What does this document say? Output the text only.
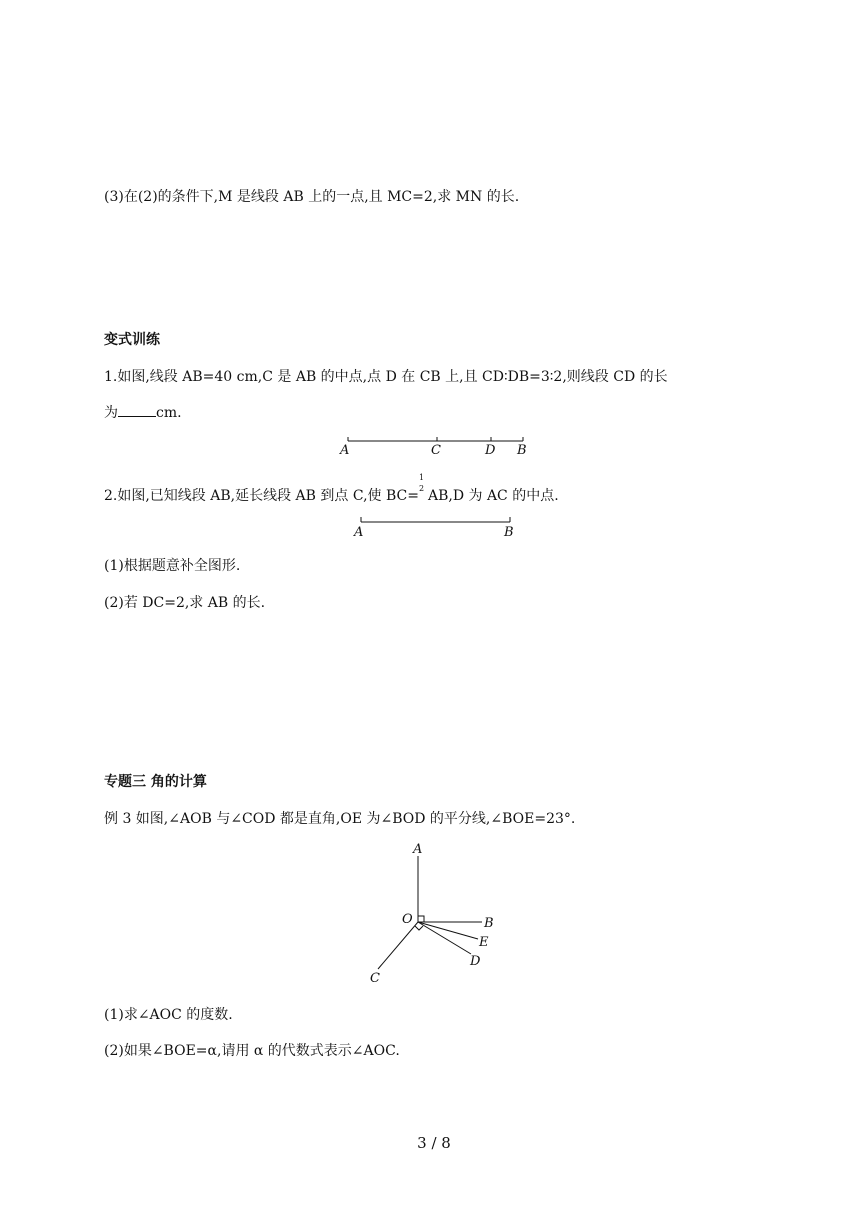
(3)在(2)的条件下,M 是线段 AB 上的一点,且 MC=2,求 MN 的长.
变式训练
1.如图,线段 AB=40 cm,C 是 AB 的中点,点 D 在 CB 上,且 CD∶DB=3∶2,则线段 CD 的长
为	cm.
A	C	D B
2.如图,已知线段 AB,延长线段 AB 到点 C,使 BC=
1
2 AB,D 为 AC 的中点.
A	B
(1)根据题意补全图形.
(2)若 DC=2,求 AB 的长.
专题三 角的计算
例 3 如图,∠AOB 与∠COD 都是直角,OE 为∠BOD 的平分线,∠BOE=23°.
A
O	B
E
D
C
(1)求∠AOC 的度数.
(2)如果∠BOE=α,请用 α 的代数式表示∠AOC.
3 / 8
